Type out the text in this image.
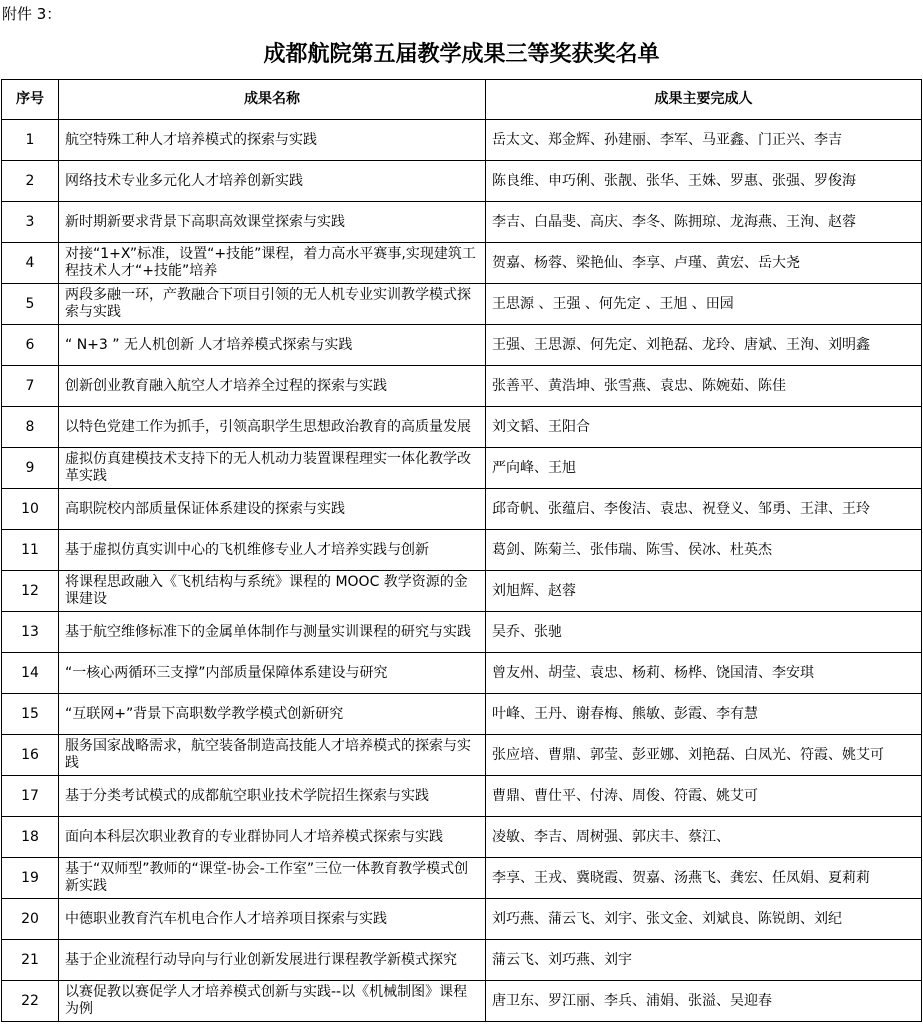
附件 3：
成都航院第五届教学成果三等奖获奖名单
序号	成果名称	成果主要完成人
1	航空特殊工种人才培养模式的探索与实践	岳太文、郑金辉、孙建丽、李军、马亚鑫、门正兴、李吉
2	网络技术专业多元化人才培养创新实践	陈良维、申巧俐、张靓、张华、王姝、罗惠、张强、罗俊海
3	新时期新要求背景下高职高效课堂探索与实践	李吉、白晶斐、高庆、李冬、陈拥琼、龙海燕、王洵、赵蓉
4	对接“1+X”标准，设置“+技能”课程，着力高水平赛事,实现建筑工程技术人才“+技能”培养	贺嘉、杨蓉、梁艳仙、李享、卢瑾、黄宏、岳大尧
5	两段多融一环，产教融合下项目引领的无人机专业实训教学模式探索与实践	王思源 、王强 、何先定 、王旭 、田园
6	“ N+3 ” 无人机创新 人才培养模式探索与实践	王强、王思源、何先定、刘艳磊、龙玲、唐斌、王洵、刘明鑫
7	创新创业教育融入航空人才培养全过程的探索与实践	张善平、黄浩坤、张雪燕、袁忠、陈婉茹、陈佳
8	以特色党建工作为抓手，引领高职学生思想政治教育的高质量发展	刘文韬、王阳合
9	虚拟仿真建模技术支持下的无人机动力装置课程理实一体化教学改革实践	严向峰、王旭
10	高职院校内部质量保证体系建设的探索与实践	邱奇帆、张蕴启、李俊洁、袁忠、祝登义、邹勇、王津、王玲
11	基于虚拟仿真实训中心的飞机维修专业人才培养实践与创新	葛剑、陈菊兰、张伟瑞、陈雪、侯冰、杜英杰
12	将课程思政融入《飞机结构与系统》课程的 MOOC 教学资源的金课建设	刘旭辉、赵蓉
13	基于航空维修标准下的金属单体制作与测量实训课程的研究与实践	吴乔、张驰
14	“一核心两循环三支撑”内部质量保障体系建设与研究	曾友州、胡莹、袁忠、杨莉、杨桦、饶国清、李安琪
15	“互联网+”背景下高职数学教学模式创新研究	叶峰、王丹、谢春梅、熊敏、彭霞、李有慧
16	服务国家战略需求，航空装备制造高技能人才培养模式的探索与实践	张应培、曹鼎、郭莹、彭亚娜、刘艳磊、白凤光、符霞、姚艾可
17	基于分类考试模式的成都航空职业技术学院招生探索与实践	曹鼎、曹仕平、付涛、周俊、符霞、姚艾可
18	面向本科层次职业教育的专业群协同人才培养模式探索与实践	凌敏、李吉、周树强、郭庆丰、蔡江、
19	基于“双师型”教师的“课堂-协会-工作室”三位一体教育教学模式创新实践	李享、王戎、冀晓霞、贺嘉、汤燕飞、龚宏、任凤娟、夏莉莉
20	中德职业教育汽车机电合作人才培养项目探索与实践	刘巧燕、蒲云飞、刘宇、张文金、刘斌良、陈锐朗、刘纪
21	基于企业流程行动导向与行业创新发展进行课程教学新模式探究	蒲云飞、刘巧燕、刘宇
22	以赛促教以赛促学人才培养模式创新与实践--以《机械制图》课程为例	唐卫东、罗江丽、李兵、浦娟、张溢、吴迎春
